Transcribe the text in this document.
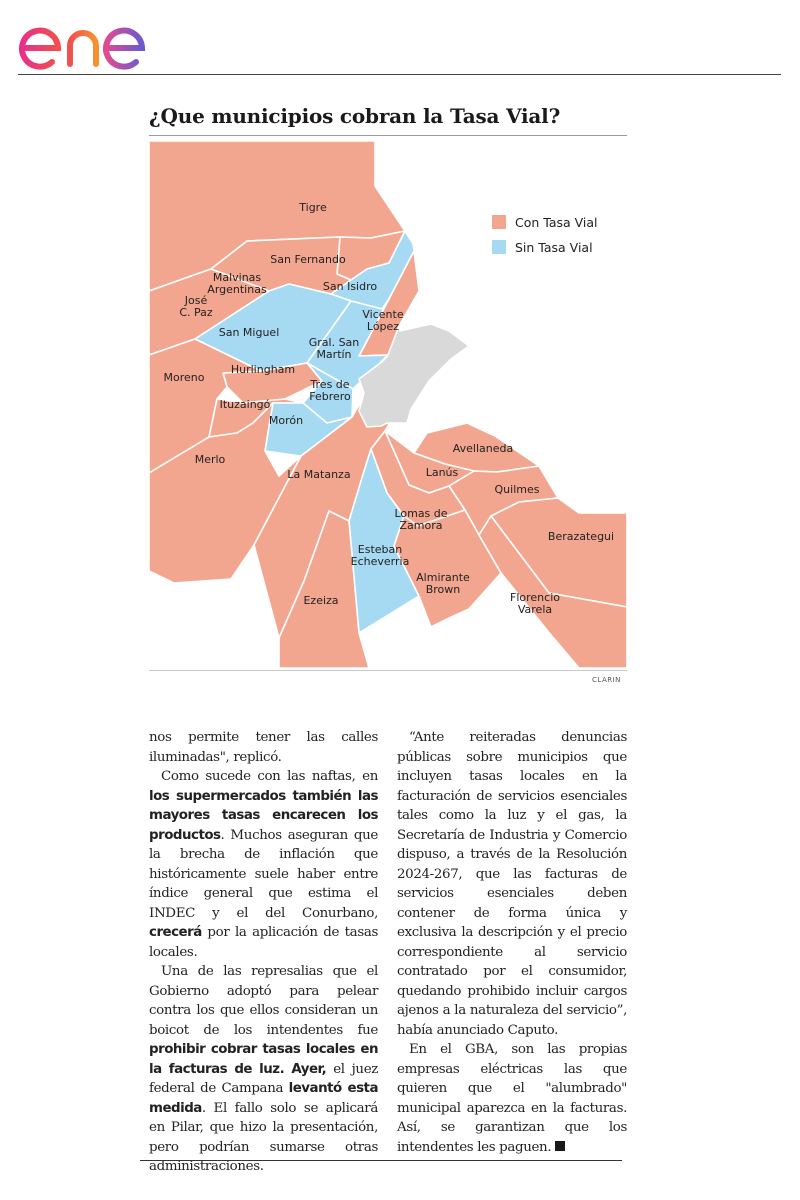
¿Que municipios cobran la Tasa Vial?
Tigre
San Fernando
Malvinas Argentinas	San Isidro
José C. Paz	Vicente López
San Miguel
Gral. San Martín
Hurlingham
Moreno
Tres de Febrero
Ituzaingó
Morón
Avellaneda
Merlo
Lanús
La Matanza
Quilmes
Lomas de Zamora
Berazategui
Esteban Echeverria
Almirante Brown
Florencio Varela
Ezeiza
Con Tasa Vial
Sin Tasa Vial
CLARIN

nos permite tener las calles iluminadas", replicó.

Como sucede con las naftas, en los supermercados también las mayores tasas encarecen los productos. Muchos aseguran que la brecha de inflación que históricamente suele haber entre índice general que estima el INDEC y el del Conurbano, crecerá por la aplicación de tasas locales.

Una de las represalias que el Gobierno adoptó para pelear contra los que ellos consideran un boicot de los intendentes fue prohibir cobrar tasas locales en la facturas de luz. Ayer, el juez federal de Campana levantó esta medida. El fallo solo se aplicará en Pilar, que hizo la presentación, pero podrían sumarse otras administraciones.

“Ante reiteradas denuncias públicas sobre municipios que incluyen tasas locales en la facturación de servicios esenciales tales como la luz y el gas, la Secretaría de Industria y Comercio dispuso, a través de la Resolución 2024-267, que las facturas de servicios esenciales deben contener de forma única y exclusiva la descripción y el precio correspondiente al servicio contratado por el consumidor, quedando prohibido incluir cargos ajenos a la naturaleza del servicio”, había anunciado Caputo.

En el GBA, son las propias empresas eléctricas las que quieren que el "alumbrado" municipal aparezca en la facturas. Así, se garantizan que los intendentes les paguen.
